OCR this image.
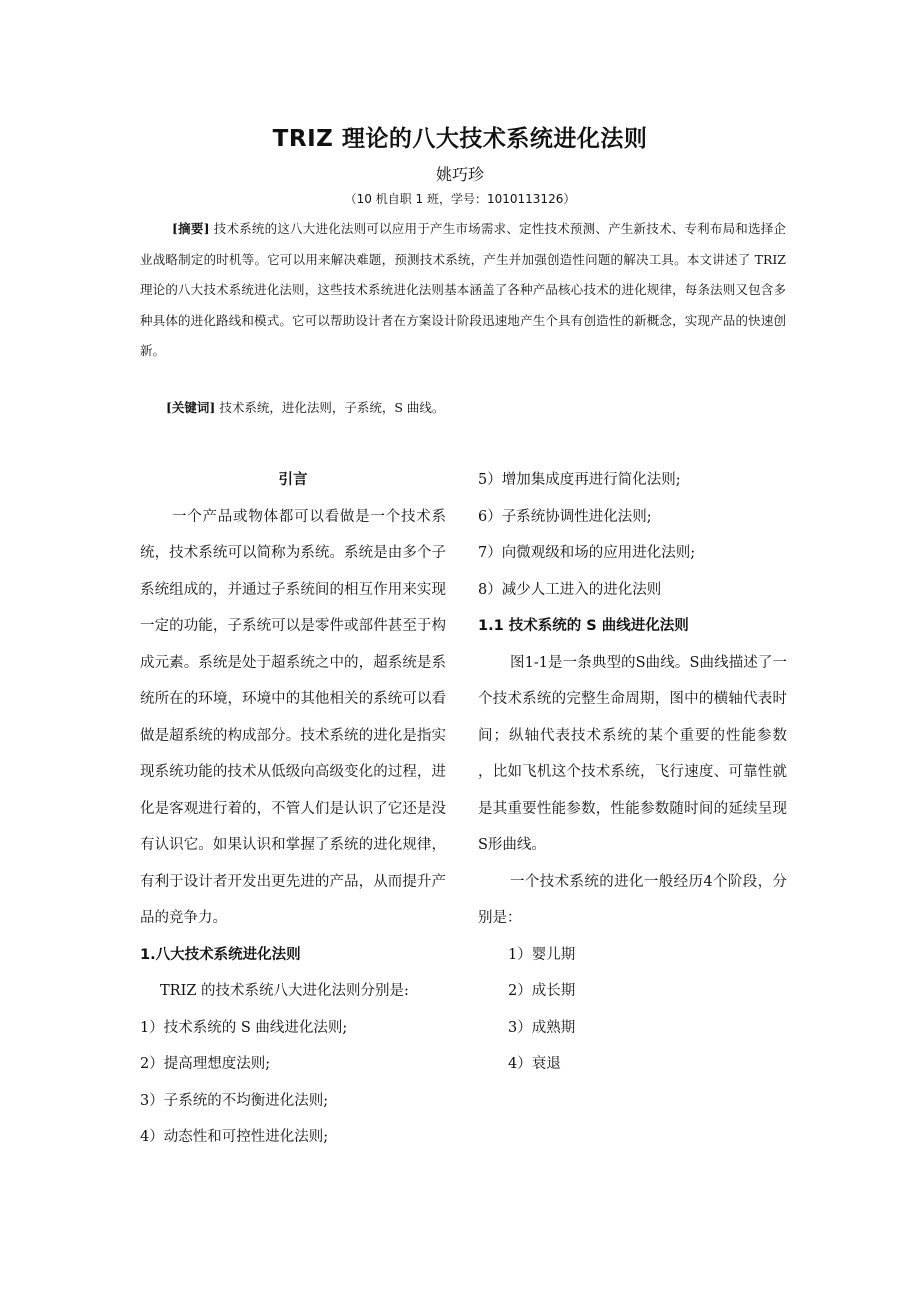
TRIZ 理论的八大技术系统进化法则
姚巧珍
（10 机自职 1 班，学号：1010113126）

[摘要] 技术系统的这八大进化法则可以应用于产生市场需求、定性技术预测、产生新技术、专利布局和选择企业战略制定的时机等。它可以用来解决难题，预测技术系统，产生并加强创造性问题的解决工具。本文讲述了 TRIZ 理论的八大技术系统进化法则，这些技术系统进化法则基本涵盖了各种产品核心技术的进化规律，每条法则又包含多种具体的进化路线和模式。它可以帮助设计者在方案设计阶段迅速地产生个具有创造性的新概念，实现产品的快速创新。

[关键词] 技术系统，进化法则，子系统，S 曲线。

引言

一个产品或物体都可以看做是一个技术系统，技术系统可以简称为系统。系统是由多个子系统组成的，并通过子系统间的相互作用来实现一定的功能，子系统可以是零件或部件甚至于构成元素。系统是处于超系统之中的，超系统是系统所在的环境，环境中的其他相关的系统可以看做是超系统的构成部分。技术系统的进化是指实现系统功能的技术从低级向高级变化的过程，进化是客观进行着的，不管人们是认识了它还是没有认识它。如果认识和掌握了系统的进化规律，有利于设计者开发出更先进的产品，从而提升产品的竞争力。

1.八大技术系统进化法则

TRIZ 的技术系统八大进化法则分别是:

1）技术系统的 S 曲线进化法则;

2）提高理想度法则;

3）子系统的不均衡进化法则;

4）动态性和可控性进化法则;

5）增加集成度再进行简化法则;

6）子系统协调性进化法则;

7）向微观级和场的应用进化法则;

8）减少人工进入的进化法则

1.1 技术系统的 S 曲线进化法则

图1-1是一条典型的S曲线。S曲线描述了一个技术系统的完整生命周期，图中的横轴代表时间；纵轴代表技术系统的某个重要的性能参数 ，比如飞机这个技术系统，飞行速度、可靠性就是其重要性能参数，性能参数随时间的延续呈现S形曲线。

一个技术系统的进化一般经历4个阶段，分别是：

1）婴儿期

2）成长期

3）成熟期

4）衰退
